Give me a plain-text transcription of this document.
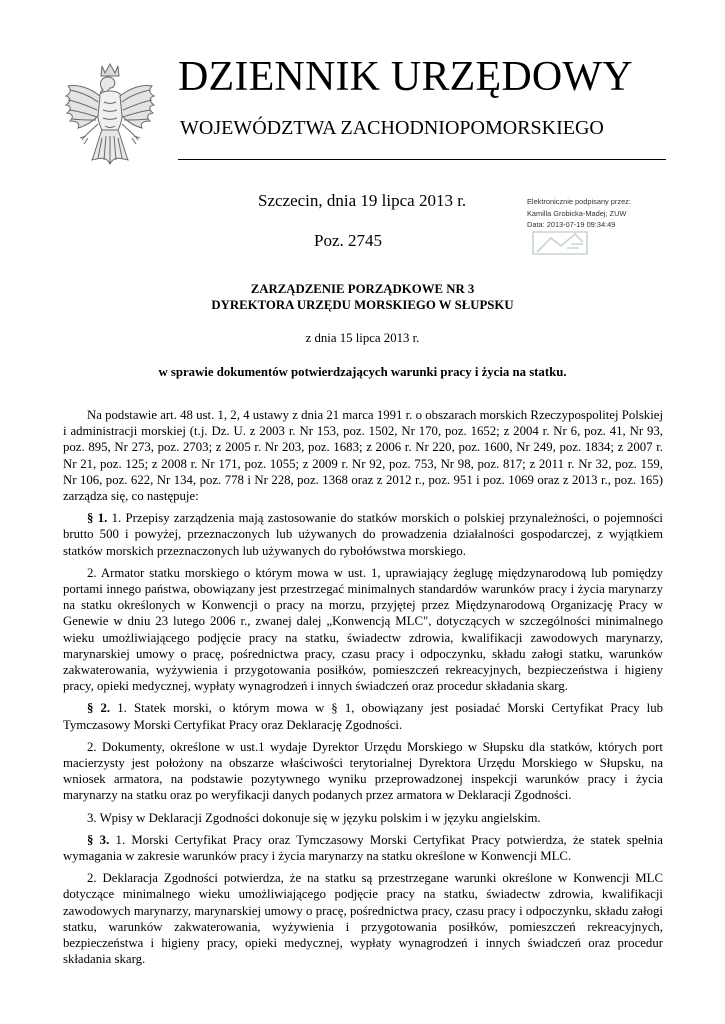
DZIENNIK URZĘDOWY
WOJEWÓDZTWA ZACHODNIOPOMORSKIEGO
Szczecin, dnia 19 lipca 2013 r.
Poz. 2745
Elektronicznie podpisany przez:
Kamilla Grobicka-Madej; ZUW
Data: 2013-07-19 09:34:49
ZARZĄDZENIE PORZĄDKOWE NR 3
DYREKTORA URZĘDU MORSKIEGO W SŁUPSKU
z dnia 15 lipca 2013 r.
w sprawie dokumentów potwierdzających warunki pracy i życia na statku.

Na podstawie art. 48 ust. 1, 2, 4 ustawy z dnia 21 marca 1991 r. o obszarach morskich Rzeczypospolitej Polskiej i administracji morskiej (t.j. Dz. U. z 2003 r. Nr 153, poz. 1502, Nr 170, poz. 1652; z 2004 r. Nr 6, poz. 41, Nr 93, poz. 895, Nr 273, poz. 2703; z 2005 r. Nr 203, poz. 1683; z 2006 r. Nr 220, poz. 1600, Nr 249, poz. 1834; z 2007 r. Nr 21, poz. 125; z 2008 r. Nr 171, poz. 1055; z 2009 r. Nr 92, poz. 753, Nr 98, poz. 817; z 2011 r. Nr 32, poz. 159, Nr 106, poz. 622, Nr 134, poz. 778 i Nr 228, poz. 1368 oraz z 2012 r., poz. 951 i poz. 1069 oraz z 2013 r., poz. 165) zarządza się, co następuje:

§ 1. 1. Przepisy zarządzenia mają zastosowanie do statków morskich o polskiej przynależności, o pojemności brutto 500 i powyżej, przeznaczonych lub używanych do prowadzenia działalności gospodarczej, z wyjątkiem statków morskich przeznaczonych lub używanych do rybołówstwa morskiego.

2. Armator statku morskiego o którym mowa w ust. 1, uprawiający żeglugę międzynarodową lub pomiędzy portami innego państwa, obowiązany jest przestrzegać minimalnych standardów warunków pracy i życia marynarzy na statku określonych w Konwencji o pracy na morzu, przyjętej przez Międzynarodową Organizację Pracy w Genewie w dniu 23 lutego 2006 r., zwanej dalej „Konwencją MLC", dotyczących w szczególności minimalnego wieku umożliwiającego podjęcie pracy na statku, świadectw zdrowia, kwalifikacji zawodowych marynarzy, marynarskiej umowy o pracę, pośrednictwa pracy, czasu pracy i odpoczynku, składu załogi statku, warunków zakwaterowania, wyżywienia i przygotowania posiłków, pomieszczeń rekreacyjnych, bezpieczeństwa i higieny pracy, opieki medycznej, wypłaty wynagrodzeń i innych świadczeń oraz procedur składania skarg.

§ 2. 1. Statek morski, o którym mowa w § 1, obowiązany jest posiadać Morski Certyfikat Pracy lub Tymczasowy Morski Certyfikat Pracy oraz Deklarację Zgodności.

2. Dokumenty, określone w ust.1 wydaje Dyrektor Urzędu Morskiego w Słupsku dla statków, których port macierzysty jest położony na obszarze właściwości terytorialnej Dyrektora Urzędu Morskiego w Słupsku, na wniosek armatora, na podstawie pozytywnego wyniku przeprowadzonej inspekcji warunków pracy i życia marynarzy na statku oraz po weryfikacji danych podanych przez armatora w Deklaracji Zgodności.

3. Wpisy w Deklaracji Zgodności dokonuje się w języku polskim i w języku angielskim.

§ 3. 1. Morski Certyfikat Pracy oraz Tymczasowy Morski Certyfikat Pracy potwierdza, że statek spełnia wymagania w zakresie warunków pracy i życia marynarzy na statku określone w Konwencji MLC.

2. Deklaracja Zgodności potwierdza, że na statku są przestrzegane warunki określone w Konwencji MLC dotyczące minimalnego wieku umożliwiającego podjęcie pracy na statku, świadectw zdrowia, kwalifikacji zawodowych marynarzy, marynarskiej umowy o pracę, pośrednictwa pracy, czasu pracy i odpoczynku, składu załogi statku, warunków zakwaterowania, wyżywienia i przygotowania posiłków, pomieszczeń rekreacyjnych, bezpieczeństwa i higieny pracy, opieki medycznej, wypłaty wynagrodzeń i innych świadczeń oraz procedur składania skarg.
